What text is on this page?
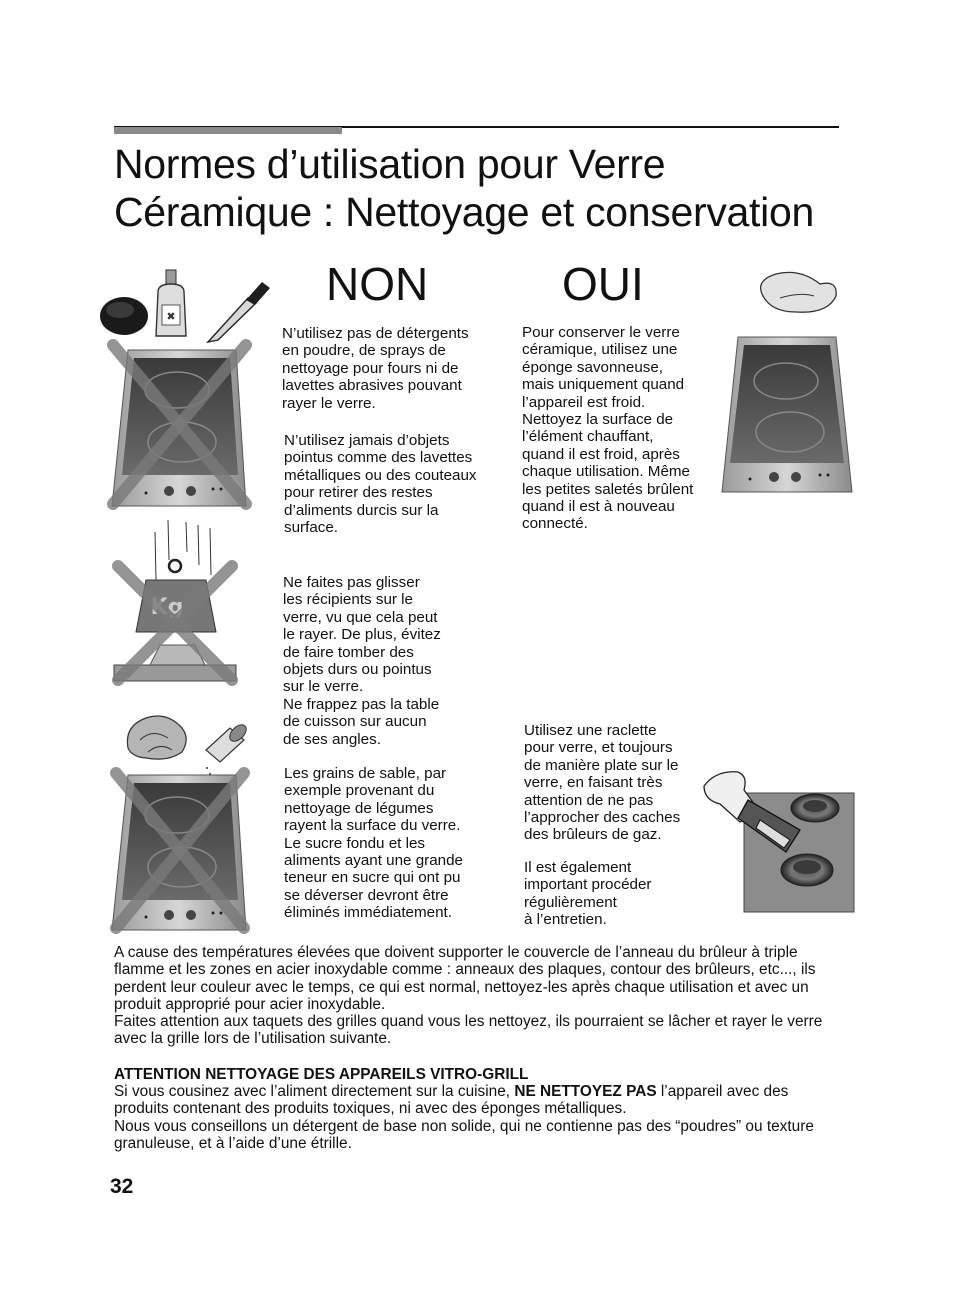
Normes d’utilisation pour Verre
Céramique : Nettoyage et conservation
NON	OUI
N’utilisez pas de détergents
en poudre, de sprays de
nettoyage pour fours ni de
lavettes abrasives pouvant
rayer le verre.
N’utilisez jamais d’objets
pointus comme des lavettes
métalliques ou des couteaux
pour retirer des restes
d’aliments durcis sur la
surface.
Ne faites pas glisser
les récipients sur le
verre, vu que cela peut
le rayer. De plus, évitez
de faire tomber des
objets durs ou pointus
sur le verre.
Ne frappez pas la table
de cuisson sur aucun
de ses angles.
Les grains de sable, par
exemple provenant du
nettoyage de légumes
rayent la surface du verre.
Le sucre fondu et les
aliments ayant une grande
teneur en sucre qui ont pu
se déverser devront être
éliminés immédiatement.
Pour conserver le verre
céramique, utilisez une
éponge savonneuse,
mais uniquement quand
l’appareil est froid.
Nettoyez la surface de
l’élément chauffant,
quand il est froid, après
chaque utilisation. Même
les petites saletés brûlent
quand il est à nouveau
connecté.
Utilisez une raclette
pour verre, et toujours
de manière plate sur le
verre, en faisant très
attention de ne pas
l’approcher des caches
des brûleurs de gaz.
Il est également
important procéder
régulièrement
à l’entretien.
✖
A cause des températures élevées que doivent supporter le couvercle de l’anneau du brûleur à triple flamme et les zones en acier inoxydable comme : anneaux des plaques, contour des brûleurs, etc..., ils perdent leur couleur avec le temps, ce qui est normal, nettoyez-les après chaque utilisation et avec un produit approprié pour acier inoxydable.
Faites attention aux taquets des grilles quand vous les nettoyez, ils pourraient se lâcher et rayer le verre avec la grille lors de l’utilisation suivante.
ATTENTION NETTOYAGE DES APPAREILS VITRO-GRILL
Si vous cousinez avec l’aliment directement sur la cuisine, NE NETTOYEZ PAS l’appareil avec des produits contenant des produits toxiques, ni avec des éponges métalliques.
Nous vous conseillons un détergent de base non solide, qui ne contienne pas des “poudres” ou texture granuleuse, et à l’aide d’une étrille.
32
